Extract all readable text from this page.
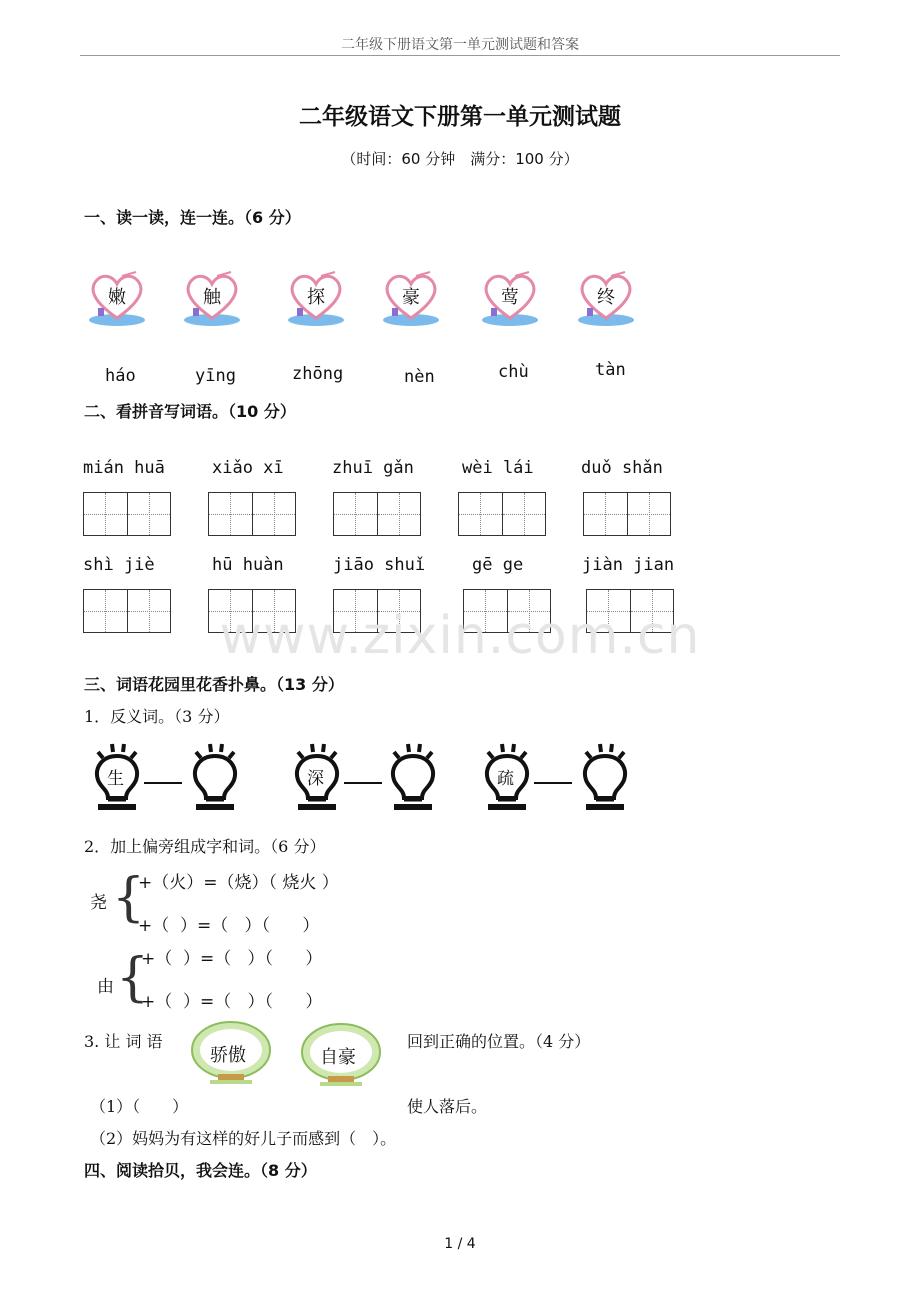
二年级下册语文第一单元测试题和答案
二年级语文下册第一单元测试题
（时间：60 分钟　满分：100 分）
一、读一读，连一连。（6 分）
嫩	触	探	豪	莺	终
háo	yīng	zhōng	nèn	chù	tàn
二、看拼音写词语。（10 分）
mián huā	xiǎo xī	zhuī gǎn	wèi lái	duǒ shǎn
shì jiè	hū huàn	jiāo shuǐ	gē ge	jiàn jian
www.zixin.com.cn
三、词语花园里花香扑鼻。（13 分）
1．反义词。（3 分）
生	深	疏
2．加上偏旁组成字和词。（6 分）
尧 {
+（火）=（烧）（ 烧火 ）
+（  ）=（   ）（      ）
由 {
+（  ）=（   ）（      ）
+（  ）=（   ）（      ）
3. 让 词 语
骄傲	自豪
回到正确的位置。（4 分）
（1）（　　）	使人落后。
（2）妈妈为有这样的好儿子而感到（　）。
四、阅读拾贝，我会连。（8 分）
1 / 4
